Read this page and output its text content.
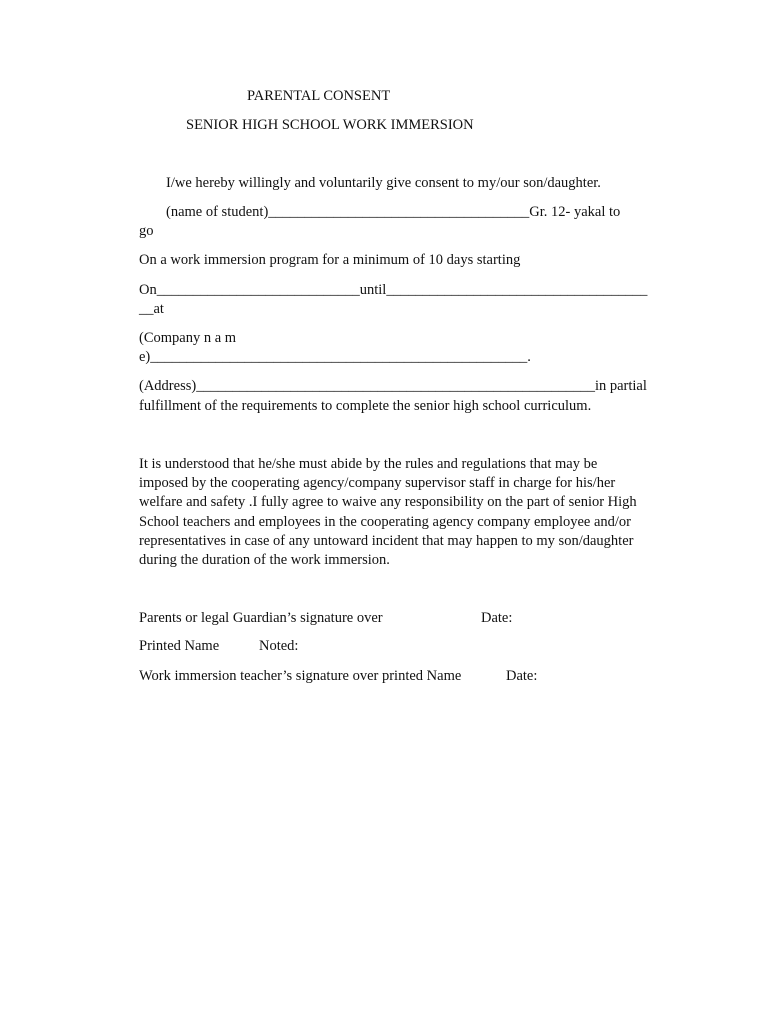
PARENTAL CONSENT
SENIOR HIGH SCHOOL WORK IMMERSION
I/we hereby willingly and voluntarily give consent to my/our son/daughter.
(name of student)____________________________________Gr. 12- yakal to
go
On a work immersion program for a minimum of 10 days starting
On____________________________until____________________________________
__at
(Company n a m
e)____________________________________________________.
(Address)_______________________________________________________in partial
fulfillment of the requirements to complete the senior high school curriculum.
It is understood that he/she must abide by the rules and regulations that may be
imposed by the cooperating agency/company supervisor staff in charge for his/her
welfare and safety .I fully agree to waive any responsibility on the part of senior High
School teachers and employees in the cooperating agency company employee and/or
representatives in case of any untoward incident that may happen to my son/daughter
during the duration of the work immersion.
Parents or legal Guardian’s signature over	Date:
Printed Name	Noted:
Work immersion teacher’s signature over printed Name	Date:
